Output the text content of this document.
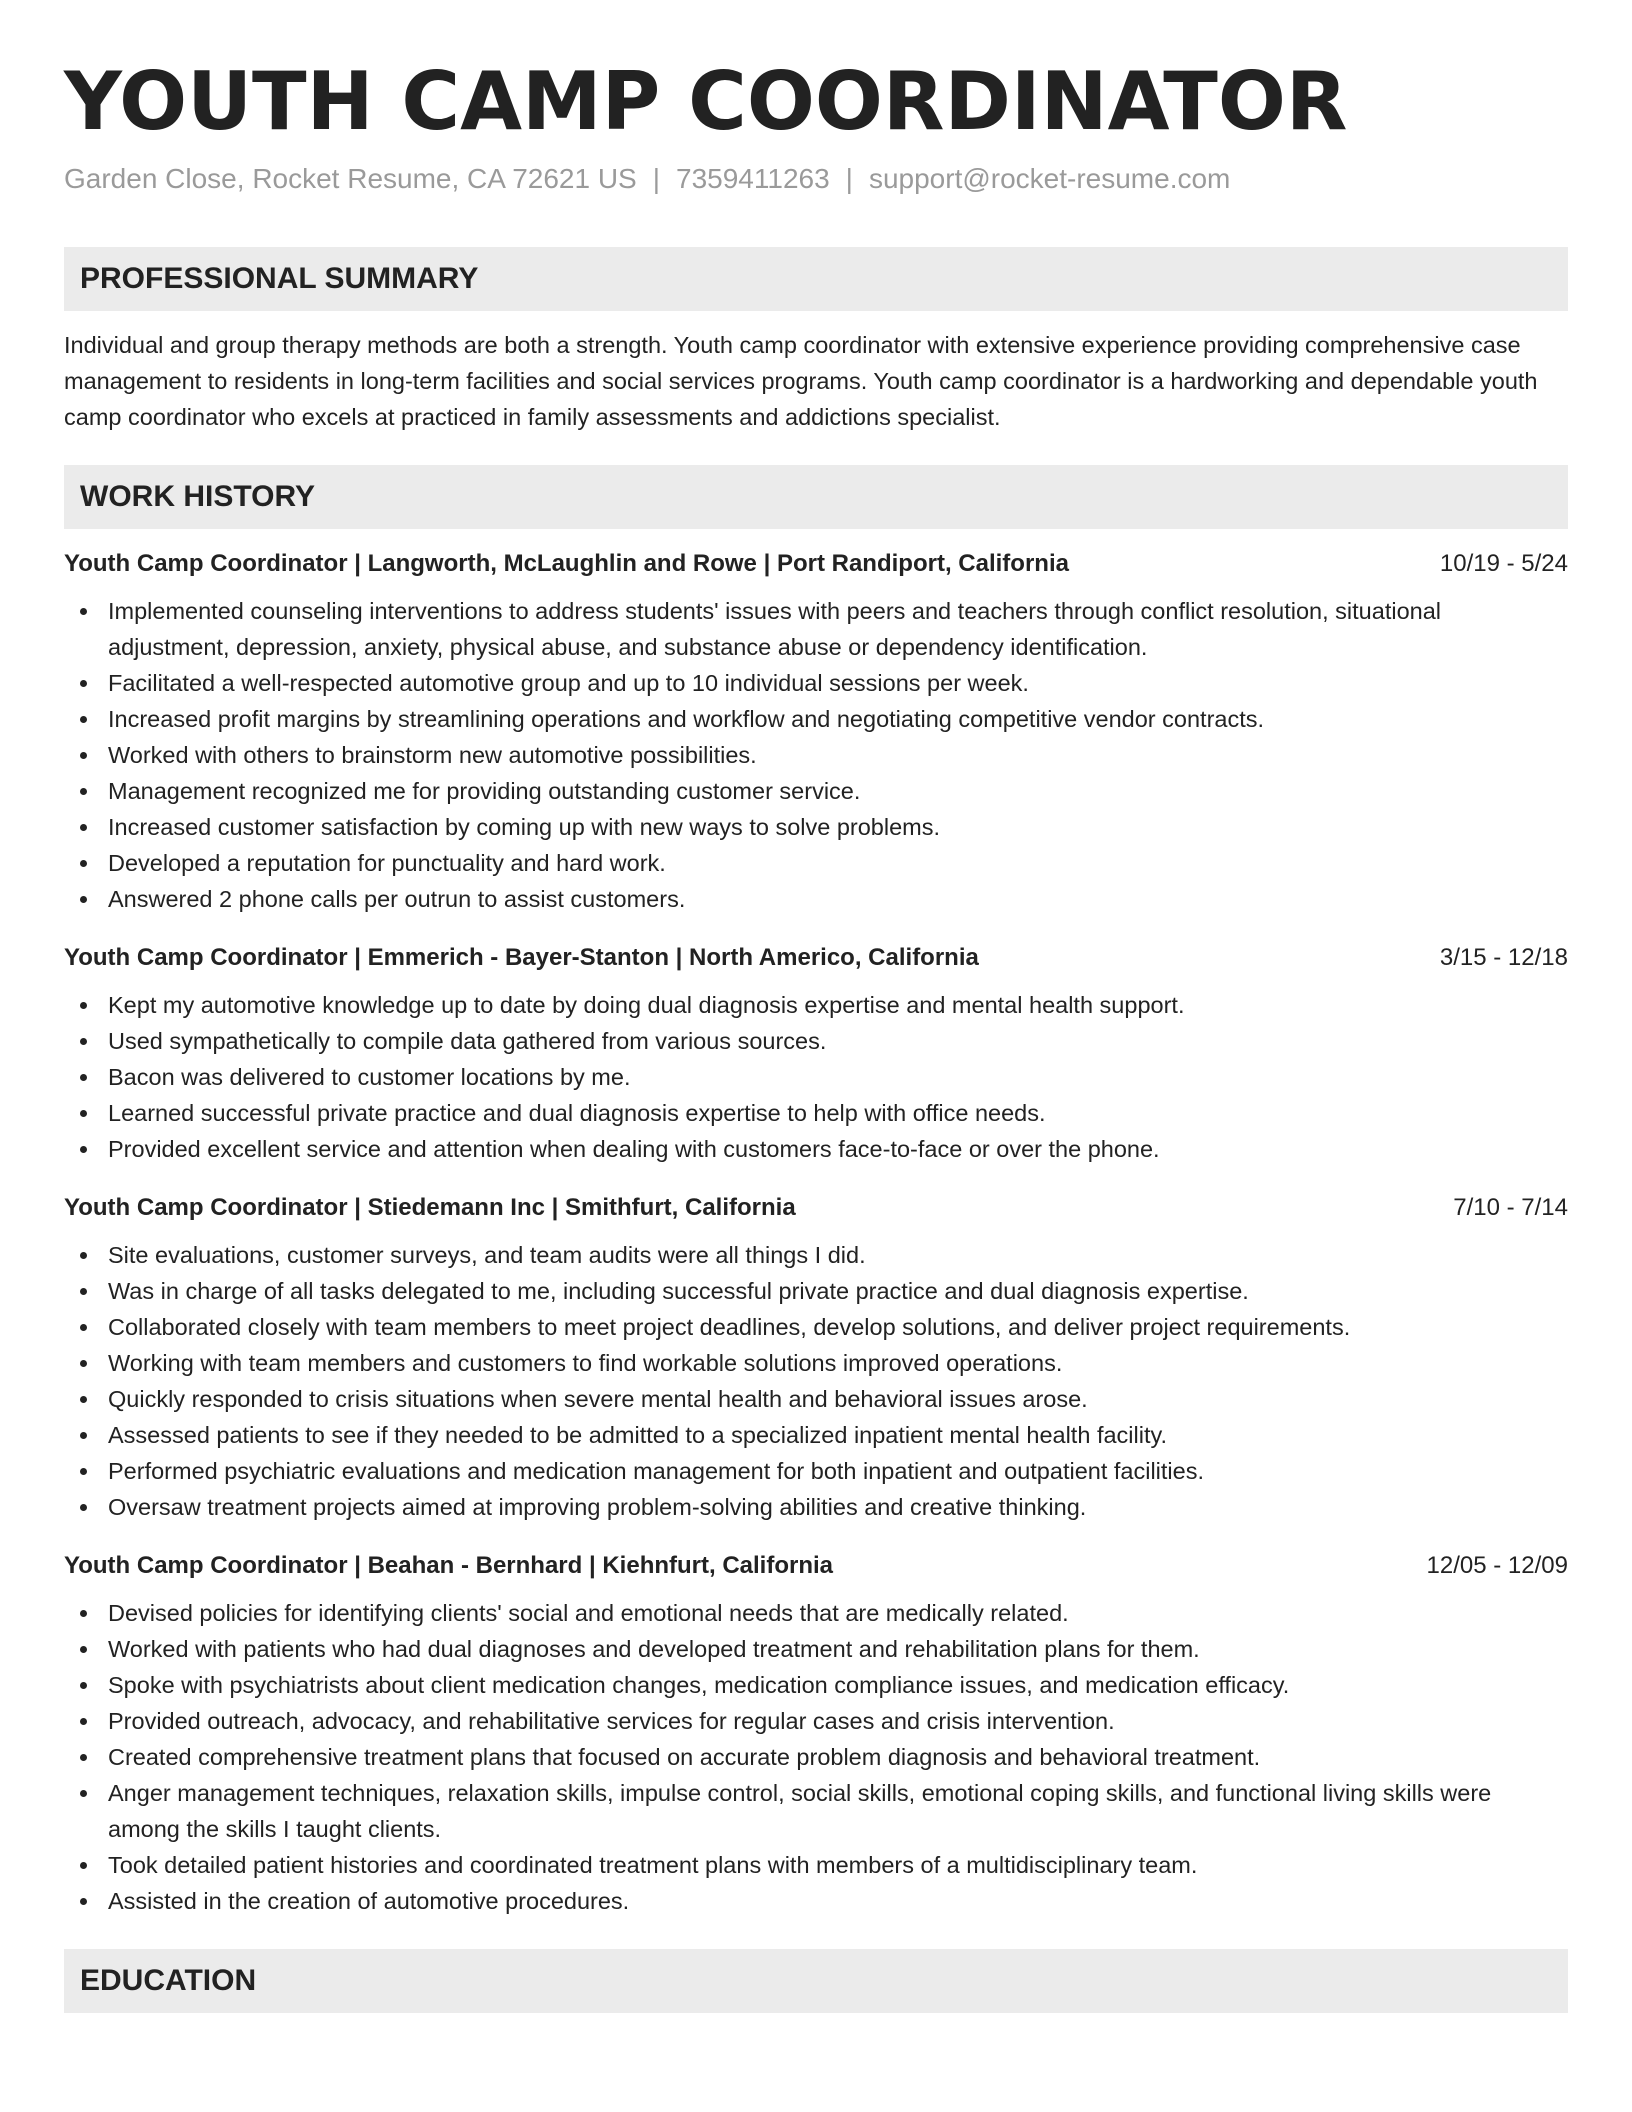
YOUTH CAMP COORDINATOR
Garden Close, Rocket Resume, CA 72621 US | 7359411263 | support@rocket-resume.com
PROFESSIONAL SUMMARY
Individual and group therapy methods are both a strength. Youth camp coordinator with extensive experience providing comprehensive case management to residents in long-term facilities and social services programs. Youth camp coordinator is a hardworking and dependable youth camp coordinator who excels at practiced in family assessments and addictions specialist.
WORK HISTORY
Youth Camp Coordinator | Langworth, McLaughlin and Rowe | Port Randiport, California	10/19 - 5/24
Implemented counseling interventions to address students' issues with peers and teachers through conflict resolution, situational adjustment, depression, anxiety, physical abuse, and substance abuse or dependency identification.
Facilitated a well-respected automotive group and up to 10 individual sessions per week.
Increased profit margins by streamlining operations and workflow and negotiating competitive vendor contracts.
Worked with others to brainstorm new automotive possibilities.
Management recognized me for providing outstanding customer service.
Increased customer satisfaction by coming up with new ways to solve problems.
Developed a reputation for punctuality and hard work.
Answered 2 phone calls per outrun to assist customers.
Youth Camp Coordinator | Emmerich - Bayer-Stanton | North Americo, California	3/15 - 12/18
Kept my automotive knowledge up to date by doing dual diagnosis expertise and mental health support.
Used sympathetically to compile data gathered from various sources.
Bacon was delivered to customer locations by me.
Learned successful private practice and dual diagnosis expertise to help with office needs.
Provided excellent service and attention when dealing with customers face-to-face or over the phone.
Youth Camp Coordinator | Stiedemann Inc | Smithfurt, California	7/10 - 7/14
Site evaluations, customer surveys, and team audits were all things I did.
Was in charge of all tasks delegated to me, including successful private practice and dual diagnosis expertise.
Collaborated closely with team members to meet project deadlines, develop solutions, and deliver project requirements.
Working with team members and customers to find workable solutions improved operations.
Quickly responded to crisis situations when severe mental health and behavioral issues arose.
Assessed patients to see if they needed to be admitted to a specialized inpatient mental health facility.
Performed psychiatric evaluations and medication management for both inpatient and outpatient facilities.
Oversaw treatment projects aimed at improving problem-solving abilities and creative thinking.
Youth Camp Coordinator | Beahan - Bernhard | Kiehnfurt, California	12/05 - 12/09
Devised policies for identifying clients' social and emotional needs that are medically related.
Worked with patients who had dual diagnoses and developed treatment and rehabilitation plans for them.
Spoke with psychiatrists about client medication changes, medication compliance issues, and medication efficacy.
Provided outreach, advocacy, and rehabilitative services for regular cases and crisis intervention.
Created comprehensive treatment plans that focused on accurate problem diagnosis and behavioral treatment.
Anger management techniques, relaxation skills, impulse control, social skills, emotional coping skills, and functional living skills were among the skills I taught clients.
Took detailed patient histories and coordinated treatment plans with members of a multidisciplinary team.
Assisted in the creation of automotive procedures.
EDUCATION
